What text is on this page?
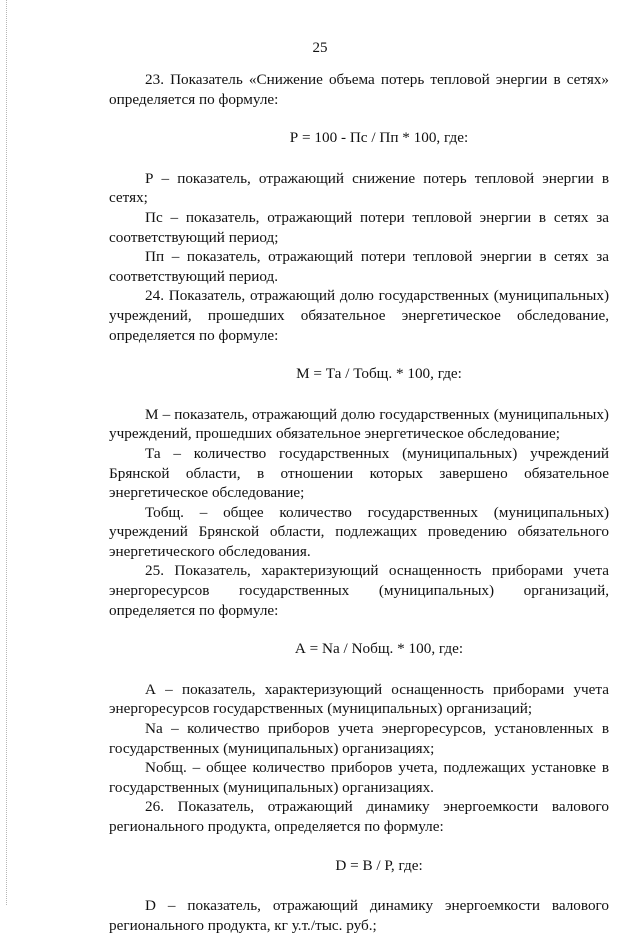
25

23. Показатель «Снижение объема потерь тепловой энергии в сетях» определяется по формуле:

Р = 100 - Пс / Пп * 100, где:

Р – показатель, отражающий снижение потерь тепловой энергии в сетях;

Пс – показатель, отражающий потери тепловой энергии в сетях за соответствующий период;

Пп – показатель, отражающий потери тепловой энергии в сетях за соответствующий период.

24. Показатель, отражающий долю государственных (муниципальных) учреждений, прошедших обязательное энергетическое обследование, определяется по формуле:

М = Та / Тобщ. * 100, где:

М – показатель, отражающий долю государственных (муниципальных) учреждений, прошедших обязательное энергетическое обследование;

Та – количество государственных (муниципальных) учреждений Брянской области, в отношении которых завершено обязательное энергетическое обследование;

Тобщ. – общее количество государственных (муниципальных) учреждений Брянской области, подлежащих проведению обязательного энергетического обследования.

25. Показатель, характеризующий оснащенность приборами учета энергоресурсов государственных (муниципальных) организаций, определяется по формуле:

А = Na / Nобщ. * 100, где:

А – показатель, характеризующий оснащенность приборами учета энергоресурсов государственных (муниципальных) организаций;

Na – количество приборов учета энергоресурсов, установленных в государственных (муниципальных) организациях;

Nобщ. – общее количество приборов учета, подлежащих установке в государственных (муниципальных) организациях.

26. Показатель, отражающий динамику энергоемкости валового регионального продукта, определяется по формуле:

D = В / Р, где:

D – показатель, отражающий динамику энергоемкости валового регионального продукта, кг у.т./тыс. руб.;
